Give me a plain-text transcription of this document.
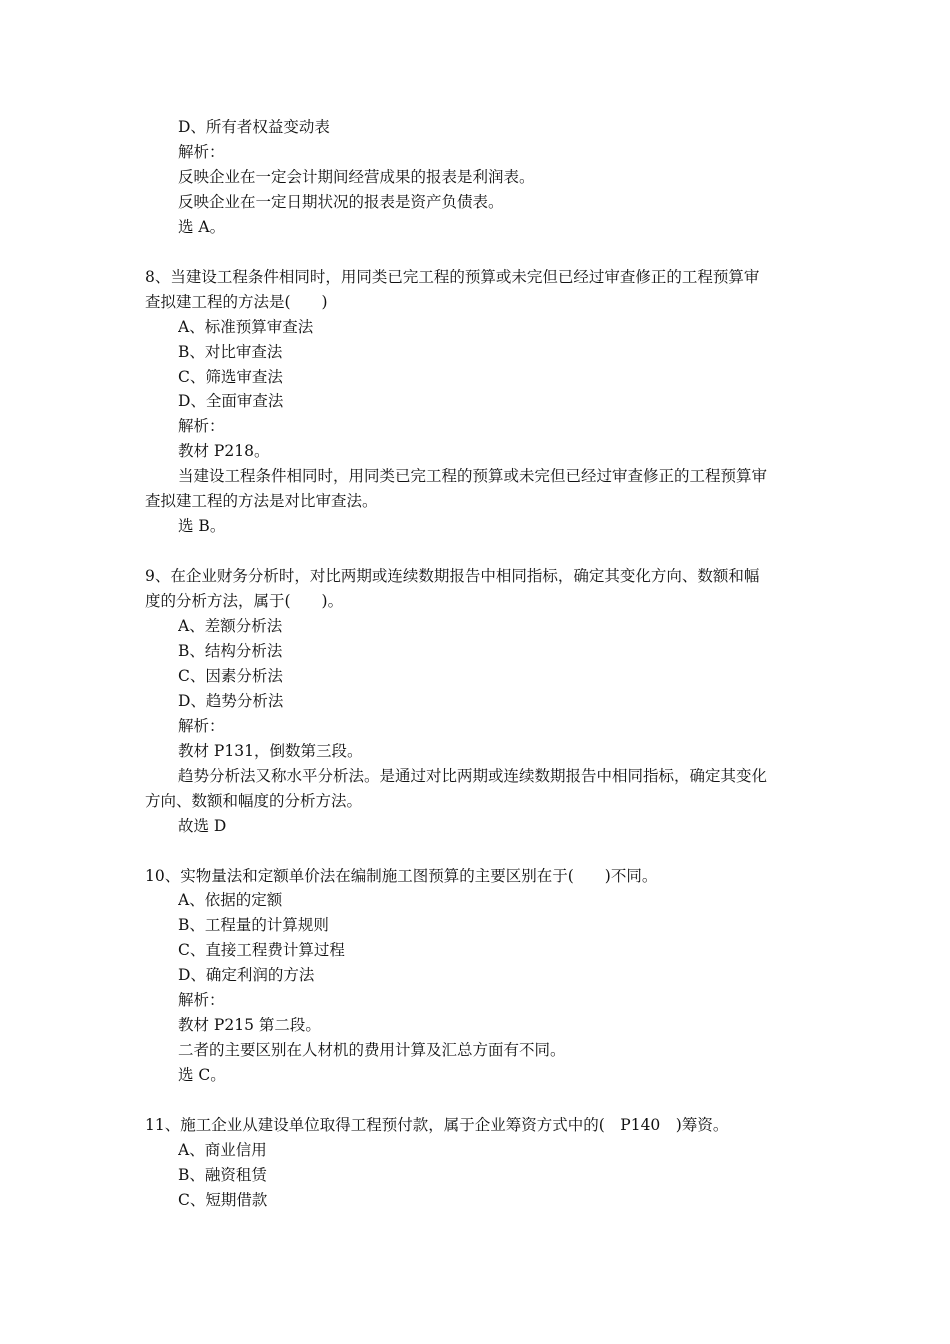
D、所有者权益变动表
解析：
反映企业在一定会计期间经营成果的报表是利润表。
反映企业在一定日期状况的报表是资产负债表。
选 A。
8、当建设工程条件相同时，用同类已完工程的预算或未完但已经过审查修正的工程预算审
查拟建工程的方法是(　　)
A、标准预算审查法
B、对比审查法
C、筛选审查法
D、全面审查法
解析：
教材 P218。
当建设工程条件相同时，用同类已完工程的预算或未完但已经过审查修正的工程预算审
查拟建工程的方法是对比审查法。
选 B。
9、在企业财务分析时，对比两期或连续数期报告中相同指标，确定其变化方向、数额和幅
度的分析方法，属于(　　)。
A、差额分析法
B、结构分析法
C、因素分析法
D、趋势分析法
解析：
教材 P131，倒数第三段。
趋势分析法又称水平分析法。是通过对比两期或连续数期报告中相同指标，确定其变化
方向、数额和幅度的分析方法。
故选 D
10、实物量法和定额单价法在编制施工图预算的主要区别在于(　　)不同。
A、依据的定额
B、工程量的计算规则
C、直接工程费计算过程
D、确定利润的方法
解析：
教材 P215 第二段。
二者的主要区别在人材机的费用计算及汇总方面有不同。
选 C。
11、施工企业从建设单位取得工程预付款，属于企业筹资方式中的(　P140　)筹资。
A、商业信用
B、融资租赁
C、短期借款
